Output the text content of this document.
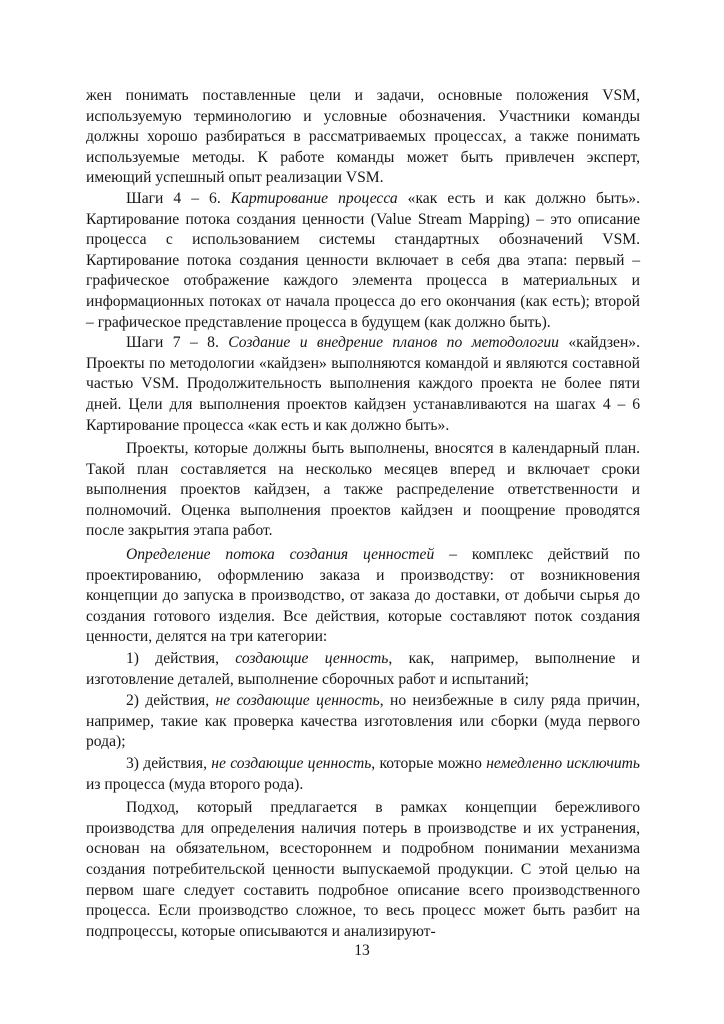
жен понимать поставленные цели и задачи, основные положения VSM, используемую терминологию и условные обозначения. Участники команды должны хорошо разбираться в рассматриваемых процессах, а также понимать используемые методы. К работе команды может быть привлечен эксперт, имеющий успешный опыт реализации VSM.

Шаги 4 – 6. Картирование процесса «как есть и как должно быть». Картирование потока создания ценности (Value Stream Mapping) – это описание процесса с использованием системы стандартных обозначений VSM. Картирование потока создания ценности включает в себя два этапа: первый – графическое отображение каждого элемента процесса в материальных и информационных потоках от начала процесса до его окончания (как есть); второй – графическое представление процесса в будущем (как должно быть).

Шаги 7 – 8. Создание и внедрение планов по методологии «кайдзен». Проекты по методологии «кайдзен» выполняются командой и являются составной частью VSM. Продолжительность выполнения каждого проекта не более пяти дней. Цели для выполнения проектов кайдзен устанавливаются на шагах 4 – 6 Картирование процесса «как есть и как должно быть».

Проекты, которые должны быть выполнены, вносятся в календарный план. Такой план составляется на несколько месяцев вперед и включает сроки выполнения проектов кайдзен, а также распределение ответственности и полномочий. Оценка выполнения проектов кайдзен и поощрение проводятся после закрытия этапа работ.

Определение потока создания ценностей – комплекс действий по проектированию, оформлению заказа и производству: от возникновения концепции до запуска в производство, от заказа до доставки, от добычи сырья до создания готового изделия. Все действия, которые составляют поток создания ценности, делятся на три категории:

1) действия, создающие ценность, как, например, выполнение и изготовление деталей, выполнение сборочных работ и испытаний;

2) действия, не создающие ценность, но неизбежные в силу ряда причин, например, такие как проверка качества изготовления или сборки (муда первого рода);

3) действия, не создающие ценность, которые можно немедленно исключить из процесса (муда второго рода).

Подход, который предлагается в рамках концепции бережливого производства для определения наличия потерь в производстве и их устранения, основан на обязательном, всестороннем и подробном понимании механизма создания потребительской ценности выпускаемой продукции. С этой целью на первом шаге следует составить подробное описание всего производственного процесса. Если производство сложное, то весь процесс может быть разбит на подпроцессы, которые описываются и анализируют-

13
